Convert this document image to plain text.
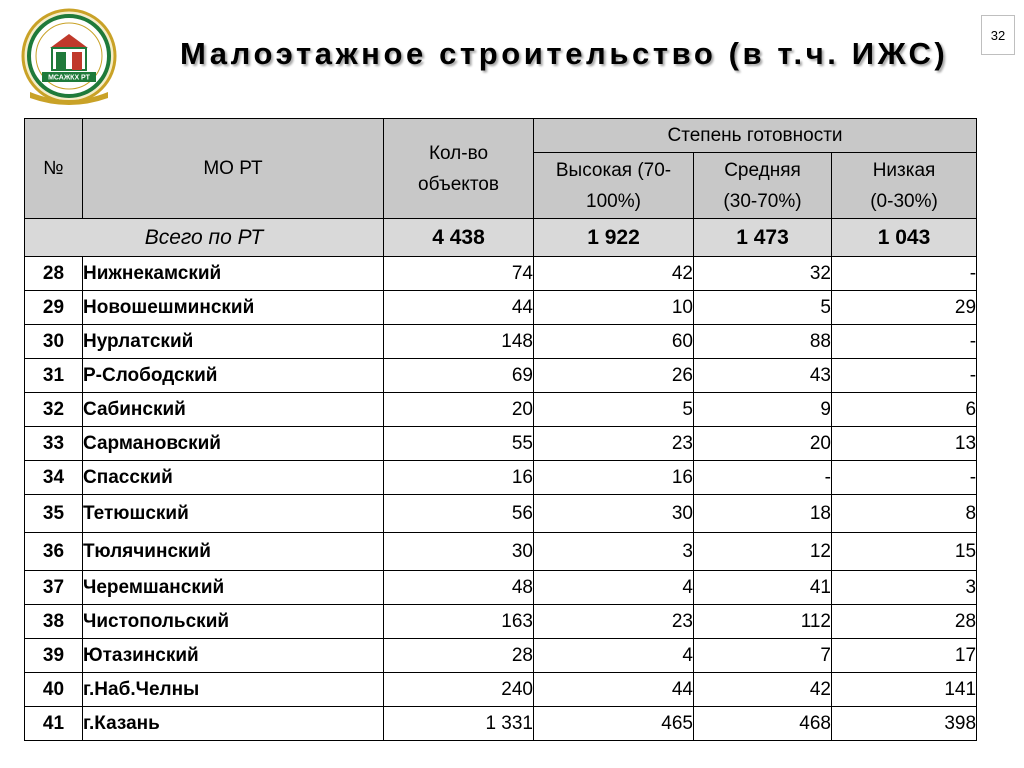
МСАЖКХ РТ
Малоэтажное строительство (в т.ч. ИЖС)
32
№	МО РТ	Кол-во объектов	Степень готовности		
			Высокая (70-100%)	Средняя (30-70%)	Низкая (0-30%)
Всего по РТ		4 438	1 922	1 473	1 043
28	Нижнекамский	74	42	32	-
29	Новошешминский	44	10	5	29
30	Нурлатский	148	60	88	-
31	Р-Слободский	69	26	43	-
32	Сабинский	20	5	9	6
33	Сармановский	55	23	20	13
34	Спасский	16	16	-	-
35	Тетюшский	56	30	18	8
36	Тюлячинский	30	3	12	15
37	Черемшанский	48	4	41	3
38	Чистопольский	163	23	112	28
39	Ютазинский	28	4	7	17
40	г.Наб.Челны	240	44	42	141
41	г.Казань	1 331	465	468	398
